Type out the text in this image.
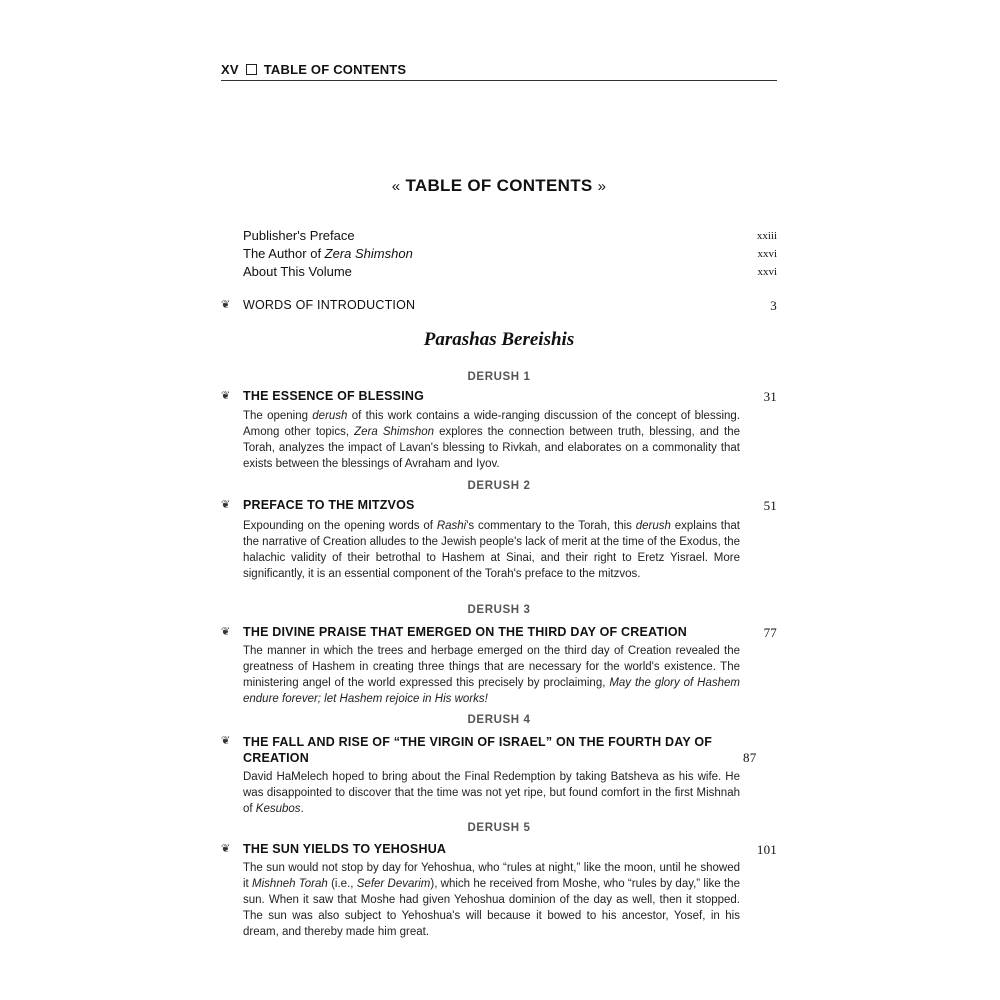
XV TABLE OF CONTENTS
« TABLE OF CONTENTS »
Publisher's Preface	xxiii
The Author of Zera Shimshon	xxvi
About This Volume	xxvi
❦	WORDS OF INTRODUCTION	3
Parashas Bereishis
DERUSH 1
❦	THE ESSENCE OF BLESSING	31
The opening derush of this work contains a wide-ranging discussion of the concept of blessing. Among other topics, Zera Shimshon explores the connection between truth, blessing, and the Torah, analyzes the impact of Lavan's blessing to Rivkah, and elaborates on a commonality that exists between the blessings of Avraham and Iyov.
DERUSH 2
❦	PREFACE TO THE MITZVOS	51
Expounding on the opening words of Rashi's commentary to the Torah, this derush explains that the narrative of Creation alludes to the Jewish people's lack of merit at the time of the Exodus, the halachic validity of their betrothal to Hashem at Sinai, and their right to Eretz Yisrael. More significantly, it is an essential component of the Torah's preface to the mitzvos.
DERUSH 3
❦	THE DIVINE PRAISE THAT EMERGED ON THE THIRD DAY OF CREATION	77
The manner in which the trees and herbage emerged on the third day of Creation revealed the greatness of Hashem in creating three things that are necessary for the world's existence. The ministering angel of the world expressed this precisely by proclaiming, May the glory of Hashem endure forever; let Hashem rejoice in His works!
DERUSH 4
❦	THE FALL AND RISE OF “THE VIRGIN OF ISRAEL” ON THE FOURTH DAY OF CREATION	87
David HaMelech hoped to bring about the Final Redemption by taking Batsheva as his wife. He was disappointed to discover that the time was not yet ripe, but found comfort in the first Mishnah of Kesubos.
DERUSH 5
❦	THE SUN YIELDS TO YEHOSHUA	101
The sun would not stop by day for Yehoshua, who “rules at night,” like the moon, until he showed it Mishneh Torah (i.e., Sefer Devarim), which he received from Moshe, who “rules by day,” like the sun. When it saw that Moshe had given Yehoshua dominion of the day as well, then it stopped. The sun was also subject to Yehoshua's will because it bowed to his ancestor, Yosef, in his dream, and thereby made him great.
